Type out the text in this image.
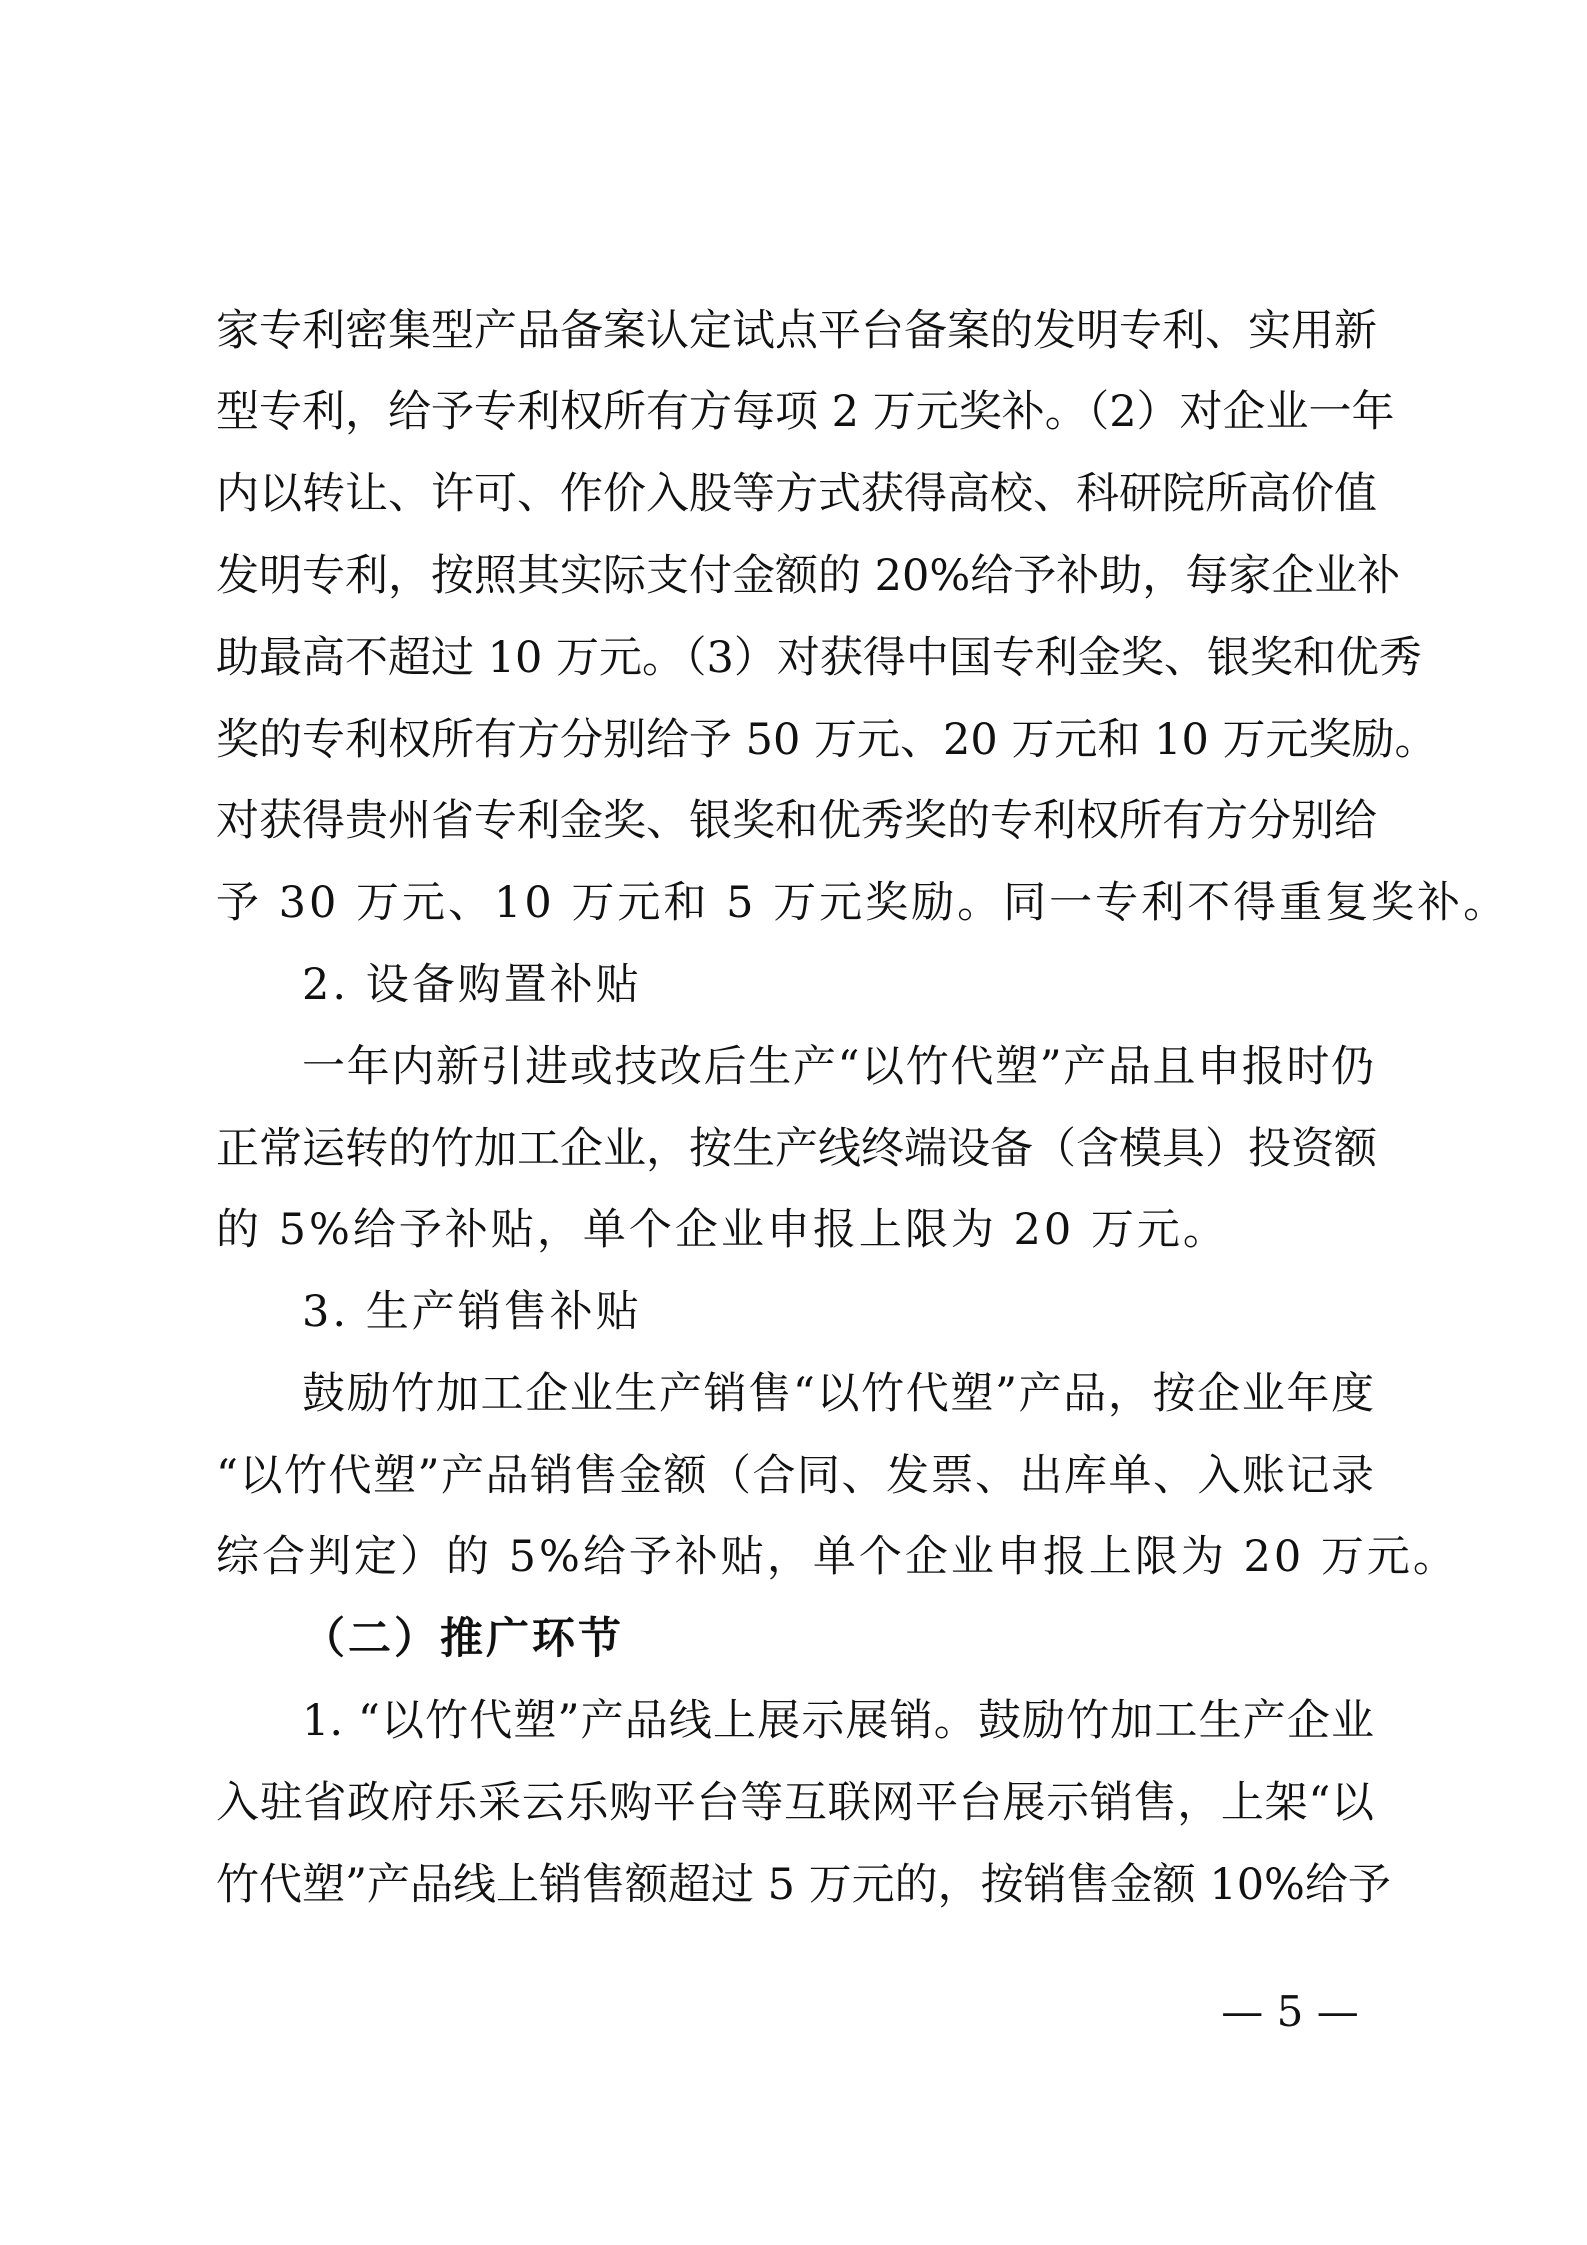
家专利密集型产品备案认定试点平台备案的发明专利、实用新
型专利，给予专利权所有方每项 2 万元奖补。（2）对企业一年
内以转让、许可、作价入股等方式获得高校、科研院所高价值
发明专利，按照其实际支付金额的 20%给予补助，每家企业补
助最高不超过 10 万元。（3）对获得中国专利金奖、银奖和优秀
奖的专利权所有方分别给予 50 万元、20 万元和 10 万元奖励。
对获得贵州省专利金奖、银奖和优秀奖的专利权所有方分别给
予 30 万元、10 万元和 5 万元奖励。同一专利不得重复奖补。
2. 设备购置补贴
一年内新引进或技改后生产“以竹代塑”产品且申报时仍
正常运转的竹加工企业，按生产线终端设备（含模具）投资额
的 5%给予补贴，单个企业申报上限为 20 万元。
3. 生产销售补贴
鼓励竹加工企业生产销售“以竹代塑”产品，按企业年度
“以竹代塑”产品销售金额（合同、发票、出库单、入账记录
综合判定）的 5%给予补贴，单个企业申报上限为 20 万元。
（二）推广环节
1. “以竹代塑”产品线上展示展销。鼓励竹加工生产企业
入驻省政府乐采云乐购平台等互联网平台展示销售，上架“以
竹代塑”产品线上销售额超过 5 万元的，按销售金额 10%给予
— 5 —
